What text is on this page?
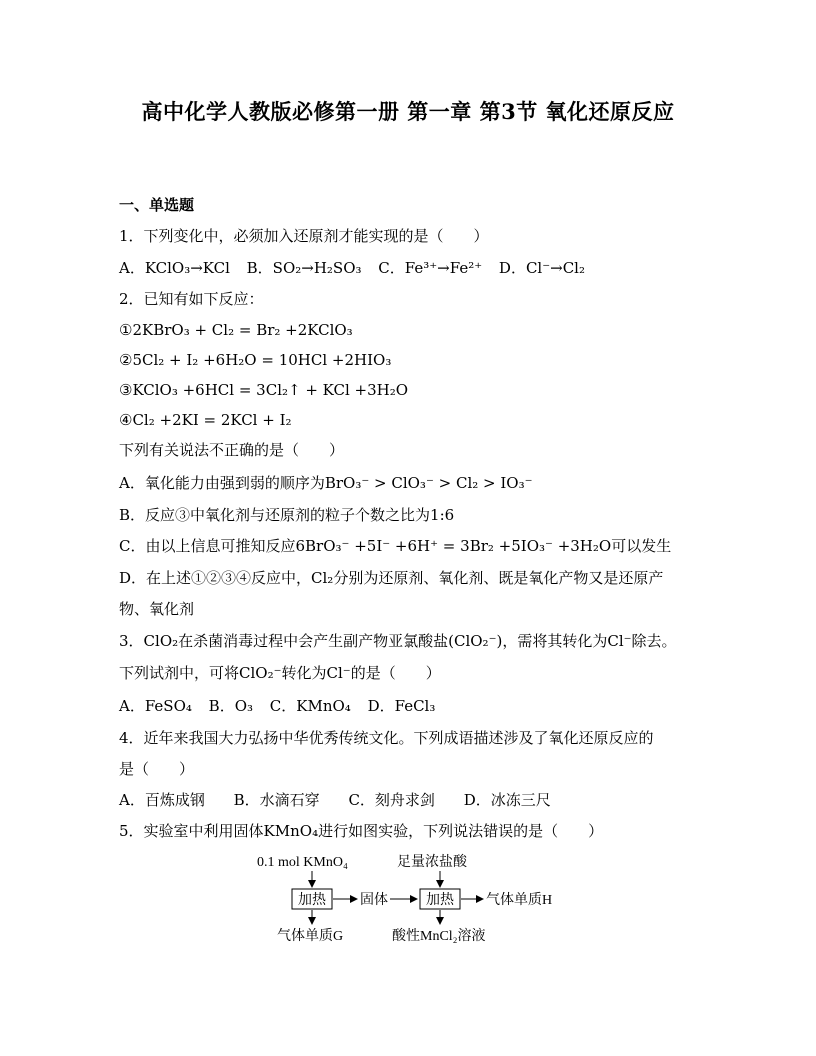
高中化学人教版必修第一册 第一章 第3节 氧化还原反应
一、单选题
1．下列变化中，必须加入还原剂才能实现的是（　　）
A．KClO₃→KCl B．SO₂→H₂SO₃ C．Fe³⁺→Fe²⁺ D．Cl⁻→Cl₂
2．已知有如下反应：
①2KBrO₃ + Cl₂ = Br₂ +2KClO₃
②5Cl₂ + I₂ +6H₂O = 10HCl +2HIO₃
③KClO₃ +6HCl = 3Cl₂↑ + KCl +3H₂O
④Cl₂ +2KI = 2KCl + I₂
下列有关说法不正确的是（　　）
A．氧化能力由强到弱的顺序为BrO₃⁻ > ClO₃⁻ > Cl₂ > IO₃⁻
B．反应③中氧化剂与还原剂的粒子个数之比为1:6
C．由以上信息可推知反应6BrO₃⁻ +5I⁻ +6H⁺ = 3Br₂ +5IO₃⁻ +3H₂O可以发生
D．在上述①②③④反应中，Cl₂分别为还原剂、氧化剂、既是氧化产物又是还原产
物、氧化剂
3．ClO₂在杀菌消毒过程中会产生副产物亚氯酸盐(ClO₂⁻)，需将其转化为Cl⁻除去。
下列试剂中，可将ClO₂⁻转化为Cl⁻的是（　　）
A．FeSO₄ B．O₃ C．KMnO₄ D．FeCl₃
4．近年来我国大力弘扬中华优秀传统文化。下列成语描述涉及了氧化还原反应的
是（　　）
A．百炼成钢 B．水滴石穿 C．刻舟求剑 D．冰冻三尺
5．实验室中利用固体KMnO₄进行如图实验，下列说法错误的是（　　）
0.1 mol KMnO₄	足量浓盐酸
加热 固体	加热 气体单质H
气体单质G	酸性MnCl₂溶液
